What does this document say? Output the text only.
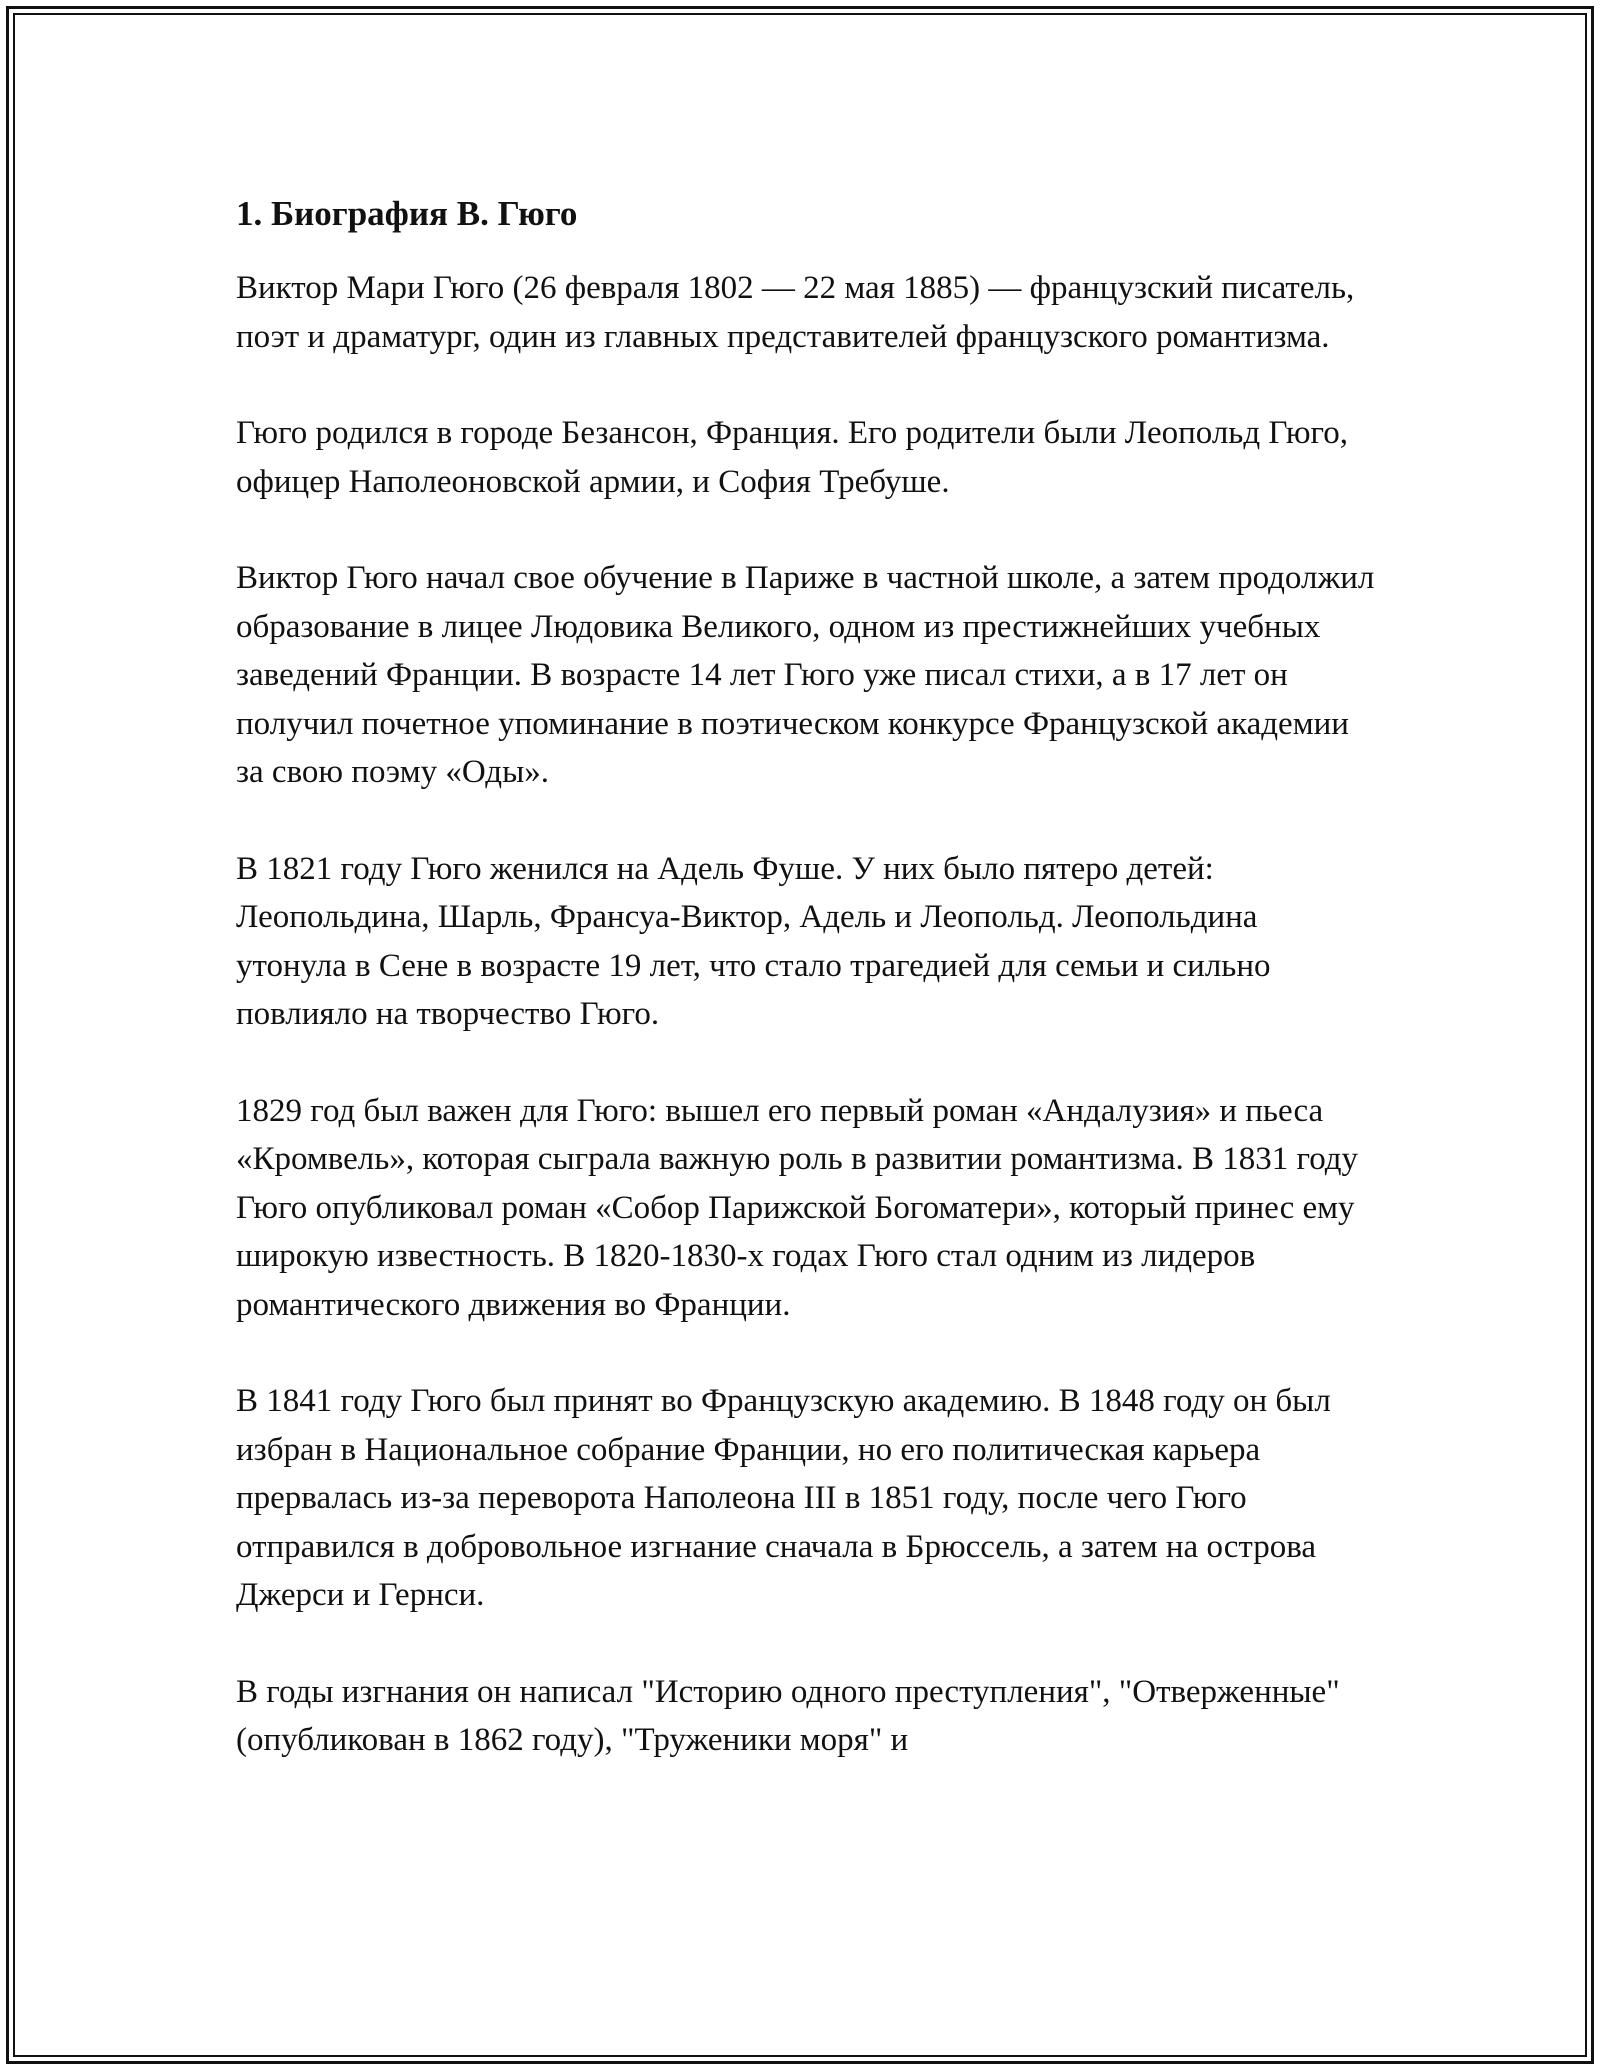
1. Биография В. Гюго

Виктор Мари Гюго (26 февраля 1802 — 22 мая 1885) — французский писатель, поэт и драматург, один из главных представителей французского романтизма.

Гюго родился в городе Безансон, Франция. Его родители были Леопольд Гюго, офицер Наполеоновской армии, и София Требуше.

Виктор Гюго начал свое обучение в Париже в частной школе, а затем продолжил образование в лицее Людовика Великого, одном из престижнейших учебных заведений Франции. В возрасте 14 лет Гюго уже писал стихи, а в 17 лет он получил почетное упоминание в поэтическом конкурсе Французской академии за свою поэму «Оды».

В 1821 году Гюго женился на Адель Фуше. У них было пятеро детей: Леопольдина, Шарль, Франсуа-Виктор, Адель и Леопольд. Леопольдина утонула в Сене в возрасте 19 лет, что стало трагедией для семьи и сильно повлияло на творчество Гюго.

1829 год был важен для Гюго: вышел его первый роман «Андалузия» и пьеса «Кромвель», которая сыграла важную роль в развитии романтизма. В 1831 году Гюго опубликовал роман «Собор Парижской Богоматери», который принес ему широкую известность. В 1820-1830-х годах Гюго стал одним из лидеров романтического движения во Франции.

В 1841 году Гюго был принят во Французскую академию. В 1848 году он был избран в Национальное собрание Франции, но его политическая карьера прервалась из-за переворота Наполеона III в 1851 году, после чего Гюго отправился в добровольное изгнание сначала в Брюссель, а затем на острова Джерси и Гернси.

В годы изгнания он написал "Историю одного преступления", "Отверженные" (опубликован в 1862 году), "Труженики моря" и
